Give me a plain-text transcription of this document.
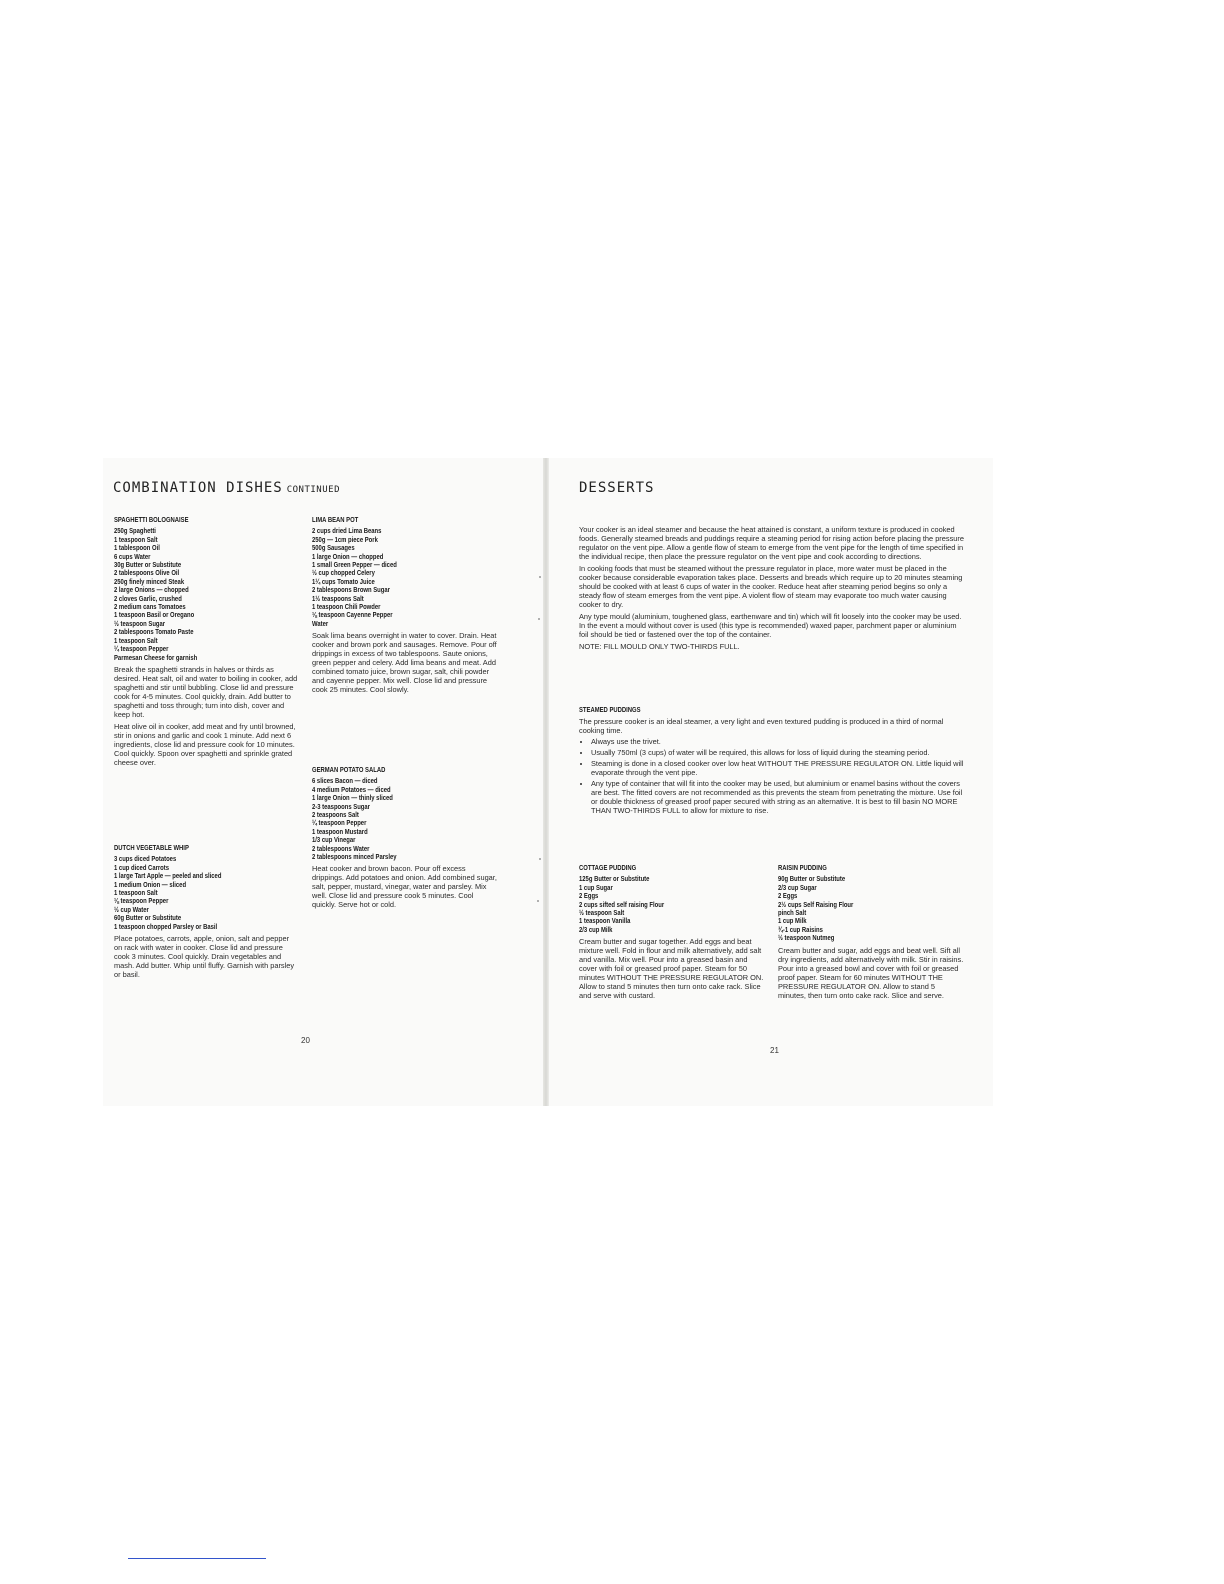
COMBINATION DISHES CONTINUED
SPAGHETTI BOLOGNAISE
250g Spaghetti
1 teaspoon Salt
1 tablespoon Oil
6 cups Water
30g Butter or Substitute
2 tablespoons Olive Oil
250g finely minced Steak
2 large Onions — chopped
2 cloves Garlic, crushed
2 medium cans Tomatoes
1 teaspoon Basil or Oregano
½ teaspoon Sugar
2 tablespoons Tomato Paste
1 teaspoon Salt
¼ teaspoon Pepper
Parmesan Cheese for garnish
Break the spaghetti strands in halves or thirds as desired. Heat salt, oil and water to boiling in cooker, add spaghetti and stir until bubbling. Close lid and pressure cook for 4-5 minutes. Cool quickly, drain. Add butter to spaghetti and toss through; turn into dish, cover and keep hot.
Heat olive oil in cooker, add meat and fry until browned, stir in onions and garlic and cook 1 minute. Add next 6 ingredients, close lid and pressure cook for 10 minutes. Cool quickly. Spoon over spaghetti and sprinkle grated cheese over.
DUTCH VEGETABLE WHIP
3 cups diced Potatoes
1 cup diced Carrots
1 large Tart Apple — peeled and sliced
1 medium Onion — sliced
1 teaspoon Salt
⅛ teaspoon Pepper
½ cup Water
60g Butter or Substitute
1 teaspoon chopped Parsley or Basil
Place potatoes, carrots, apple, onion, salt and pepper on rack with water in cooker. Close lid and pressure cook 3 minutes. Cool quickly. Drain vegetables and mash. Add butter. Whip until fluffy. Garnish with parsley or basil.
LIMA BEAN POT
2 cups dried Lima Beans
250g — 1cm piece Pork
500g Sausages
1 large Onion — chopped
1 small Green Pepper — diced
½ cup chopped Celery
1¼ cups Tomato Juice
2 tablespoons Brown Sugar
1½ teaspoons Salt
1 teaspoon Chili Powder
⅛ teaspoon Cayenne Pepper
Water
Soak lima beans overnight in water to cover. Drain. Heat cooker and brown pork and sausages. Remove. Pour off drippings in excess of two tablespoons. Saute onions, green pepper and celery. Add lima beans and meat. Add combined tomato juice, brown sugar, salt, chili powder and cayenne pepper. Mix well. Close lid and pressure cook 25 minutes. Cool slowly.
GERMAN POTATO SALAD
6 slices Bacon — diced
4 medium Potatoes — diced
1 large Onion — thinly sliced
2-3 teaspoons Sugar
2 teaspoons Salt
¼ teaspoon Pepper
1 teaspoon Mustard
1/3 cup Vinegar
2 tablespoons Water
2 tablespoons minced Parsley
Heat cooker and brown bacon. Pour off excess drippings. Add potatoes and onion. Add combined sugar, salt, pepper, mustard, vinegar, water and parsley. Mix well. Close lid and pressure cook 5 minutes. Cool quickly. Serve hot or cold.
20
DESSERTS
Your cooker is an ideal steamer and because the heat attained is constant, a uniform texture is produced in cooked foods. Generally steamed breads and puddings require a steaming period for rising action before placing the pressure regulator on the vent pipe. Allow a gentle flow of steam to emerge from the vent pipe for the length of time specified in the individual recipe, then place the pressure regulator on the vent pipe and cook according to directions.
In cooking foods that must be steamed without the pressure regulator in place, more water must be placed in the cooker because considerable evaporation takes place. Desserts and breads which require up to 20 minutes steaming should be cooked with at least 6 cups of water in the cooker. Reduce heat after steaming period begins so only a steady flow of steam emerges from the vent pipe. A violent flow of steam may evaporate too much water causing cooker to dry.
Any type mould (aluminium, toughened glass, earthenware and tin) which will fit loosely into the cooker may be used. In the event a mould without cover is used (this type is recommended) waxed paper, parchment paper or aluminium foil should be tied or fastened over the top of the container.
NOTE: FILL MOULD ONLY TWO-THIRDS FULL.
STEAMED PUDDINGS
The pressure cooker is an ideal steamer, a very light and even textured pudding is produced in a third of normal cooking time.
• Always use the trivet.
• Usually 750ml (3 cups) of water will be required, this allows for loss of liquid during the steaming period.
• Steaming is done in a closed cooker over low heat WITHOUT THE PRESSURE REGULATOR ON. Little liquid will evaporate through the vent pipe.
• Any type of container that will fit into the cooker may be used, but aluminium or enamel basins without the covers are best. The fitted covers are not recommended as this prevents the steam from penetrating the mixture. Use foil or double thickness of greased proof paper secured with string as an alternative. It is best to fill basin NO MORE THAN TWO-THIRDS FULL to allow for mixture to rise.
COTTAGE PUDDING
125g Butter or Substitute
1 cup Sugar
2 Eggs
2 cups sifted self raising Flour
½ teaspoon Salt
1 teaspoon Vanilla
2/3 cup Milk
Cream butter and sugar together. Add eggs and beat mixture well. Fold in flour and milk alternatively, add salt and vanilla. Mix well. Pour into a greased basin and cover with foil or greased proof paper. Steam for 50 minutes WITHOUT THE PRESSURE REGULATOR ON. Allow to stand 5 minutes then turn onto cake rack. Slice and serve with custard.
RAISIN PUDDING
90g Butter or Substitute
2/3 cup Sugar
2 Eggs
2½ cups Self Raising Flour
pinch Salt
1 cup Milk
¾-1 cup Raisins
½ teaspoon Nutmeg
Cream butter and sugar, add eggs and beat well. Sift all dry ingredients, add alternatively with milk. Stir in raisins. Pour into a greased bowl and cover with foil or greased proof paper. Steam for 60 minutes WITHOUT THE PRESSURE REGULATOR ON. Allow to stand 5 minutes, then turn onto cake rack. Slice and serve.
21
